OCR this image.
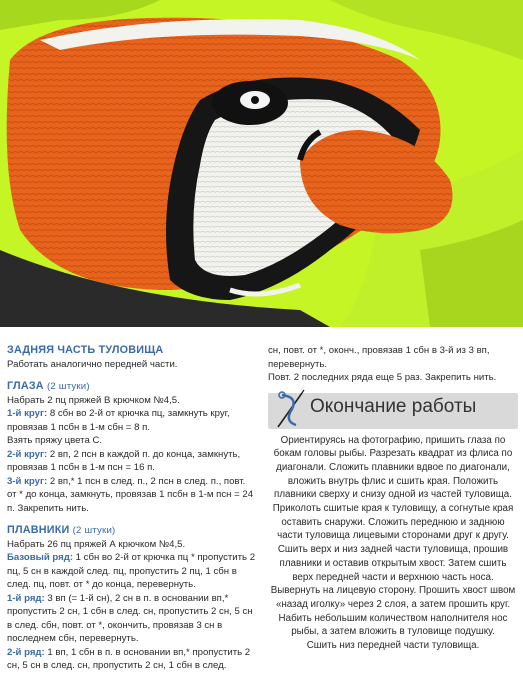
ЗАДНЯЯ ЧАСТЬ ТУЛОВИЩА

Работать аналогично передней части.

ГЛАЗА (2 штуки)

Набрать 2 пц пряжей В крючком №4,5.

1-й круг: 8 сбн во 2-й от крючка пц, замкнуть круг, провязав 1 псбн в 1-м сбн = 8 п.

Взять пряжу цвета С.

2-й круг: 2 вп, 2 псн в каждой п. до конца, замкнуть, провязав 1 псбн в 1-м псн = 16 п.

3-й круг: 2 вп,* 1 псн в след. п., 2 псн в след. п., повт. от * до конца, замкнуть, провязав 1 псбн в 1-м псн = 24 п. Закрепить нить.

ПЛАВНИКИ (2 штуки)

Набрать 26 пц пряжей А крючком №4,5.

Базовый ряд: 1 сбн во 2-й от крючка пц * пропустить 2 пц, 5 сн в каждой след. пц, пропустить 2 пц, 1 сбн в след. пц, повт. от * до конца, перевернуть.

1-й ряд: 3 вп (= 1-й сн), 2 сн в п. в основании вп,* пропустить 2 сн, 1 сбн в след. сн, пропустить 2 сн, 5 сн в след. сбн, повт. от *, окончить, провязав 3 сн в последнем сбн, перевернуть.

2-й ряд: 1 вп, 1 сбн в п. в основании вп,* пропустить 2 сн, 5 сн в след. сн, пропустить 2 сн, 1 сбн в след.

сн, повт. от *, оконч., провязав 1 сбн в 3-й из 3 вп, перевернуть.

Повт. 2 последних ряда еще 5 раз. Закрепить нить.

Окончание работы

Ориентируясь на фотографию, пришить глаза по бокам головы рыбы. Разрезать квадрат из флиса по диагонали. Сложить плавники вдвое по диагонали, вложить внутрь флис и сшить края. Положить плавники сверху и снизу одной из частей туловища. Приколоть сшитые края к туловищу, а согнутые края оставить снаружи. Сложить переднюю и заднюю части туловища лицевыми сторонами друг к другу. Сшить верх и низ задней части туловища, прошив плавники и оставив открытым хвост. Затем сшить верх передней части и верхнюю часть носа. Вывернуть на лицевую сторону. Прошить хвост швом «назад иголку» через 2 слоя, а затем прошить круг. Набить небольшим количеством наполнителя нос рыбы, а затем вложить в туловище подушку.

Сшить низ передней части туловища.
